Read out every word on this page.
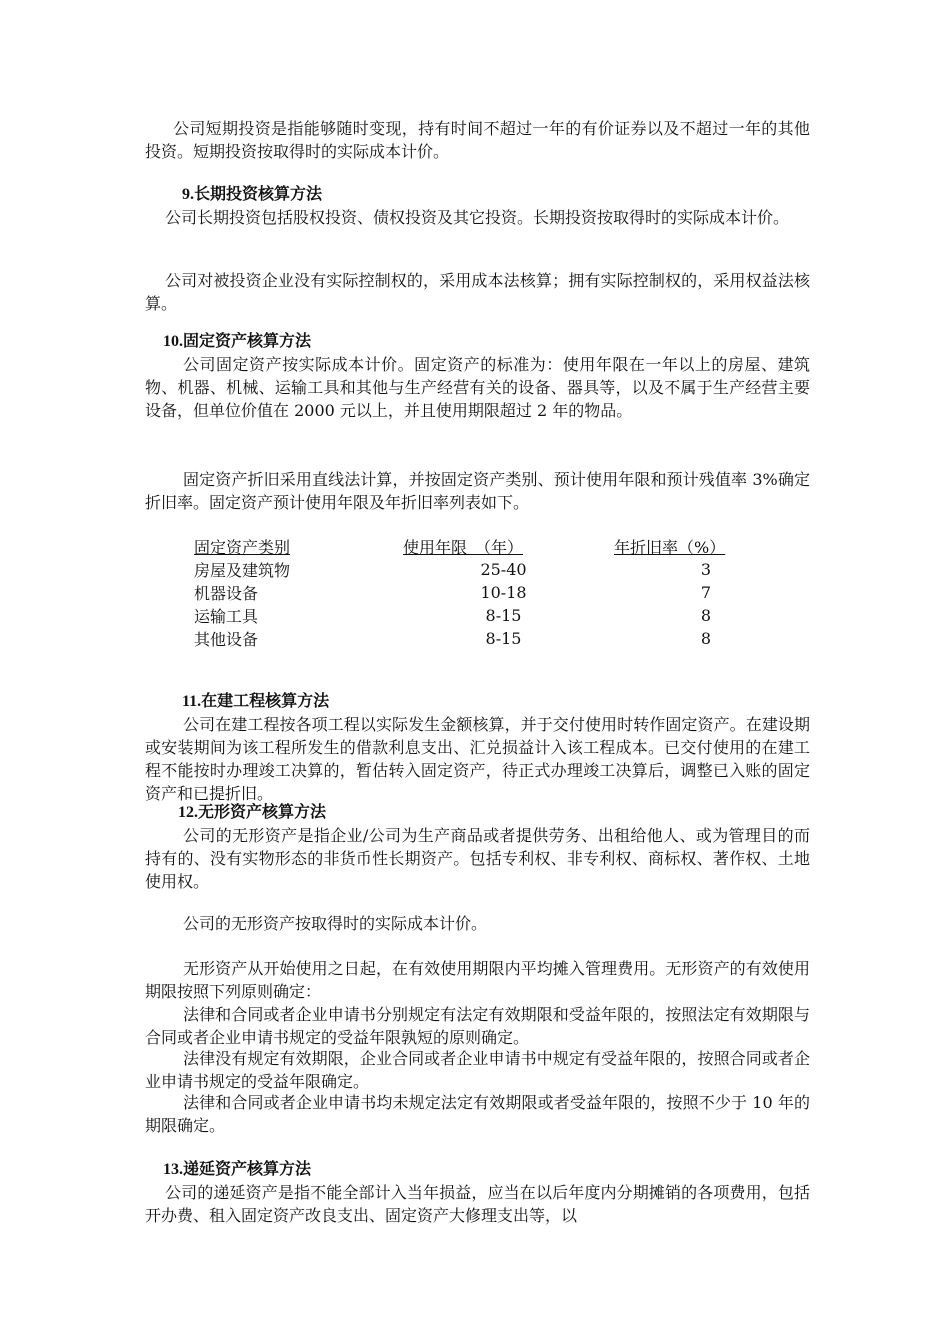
公司短期投资是指能够随时变现，持有时间不超过一年的有价证券以及不超过一年的其他投资。短期投资按取得时的实际成本计价。

9.长期投资核算方法

公司长期投资包括股权投资、债权投资及其它投资。长期投资按取得时的实际成本计价。

公司对被投资企业没有实际控制权的，采用成本法核算；拥有实际控制权的，采用权益法核算。

10.固定资产核算方法

公司固定资产按实际成本计价。固定资产的标准为：使用年限在一年以上的房屋、建筑物、机器、机械、运输工具和其他与生产经营有关的设备、器具等，以及不属于生产经营主要设备，但单位价值在 2000 元以上，并且使用期限超过 2 年的物品。

固定资产折旧采用直线法计算，并按固定资产类别、预计使用年限和预计残值率 3%确定折旧率。固定资产预计使用年限及年折旧率列表如下。

固定资产类别	使用年限　（年）	年折旧率（%）
房屋及建筑物	25-40	3
机器设备	10-18	7
运输工具	8-15	8
其他设备	8-15	8

11.在建工程核算方法

公司在建工程按各项工程以实际发生金额核算，并于交付使用时转作固定资产。在建设期或安装期间为该工程所发生的借款利息支出、汇兑损益计入该工程成本。已交付使用的在建工程不能按时办理竣工决算的，暂估转入固定资产，待正式办理竣工决算后，调整已入账的固定资产和已提折旧。

12.无形资产核算方法

公司的无形资产是指企业/公司为生产商品或者提供劳务、出租给他人、或为管理目的而持有的、没有实物形态的非货币性长期资产。包括专利权、非专利权、商标权、著作权、土地使用权。

公司的无形资产按取得时的实际成本计价。

无形资产从开始使用之日起，在有效使用期限内平均摊入管理费用。无形资产的有效使用期限按照下列原则确定：

法律和合同或者企业申请书分别规定有法定有效期限和受益年限的，按照法定有效期限与合同或者企业申请书规定的受益年限孰短的原则确定。

法律没有规定有效期限，企业合同或者企业申请书中规定有受益年限的，按照合同或者企业申请书规定的受益年限确定。

法律和合同或者企业申请书均未规定法定有效期限或者受益年限的，按照不少于 10 年的期限确定。

13.递延资产核算方法

公司的递延资产是指不能全部计入当年损益，应当在以后年度内分期摊销的各项费用，包括开办费、租入固定资产改良支出、固定资产大修理支出等，以
